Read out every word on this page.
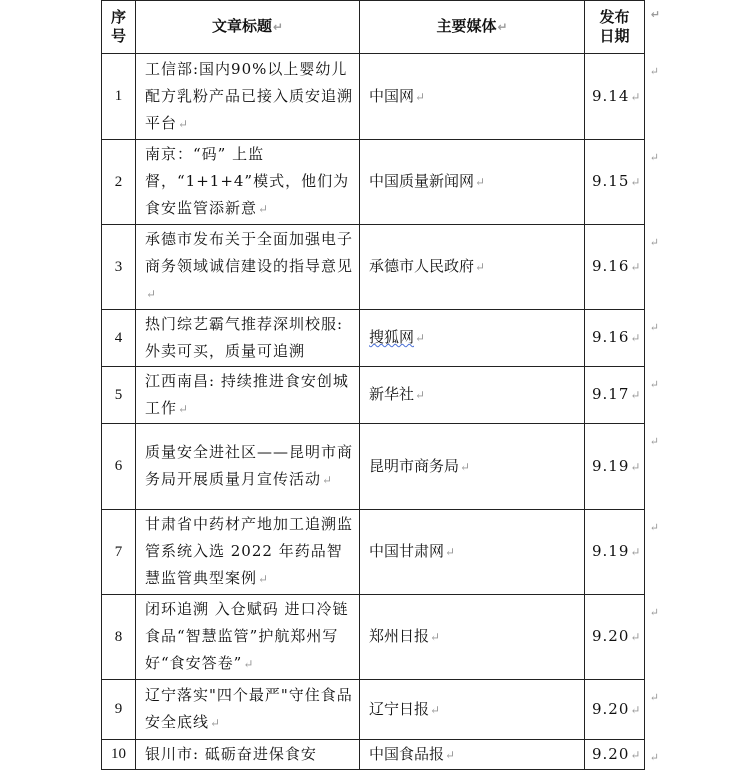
序号	文章标题↵	主要媒体↵	发布日期
↵

1	工信部:国内90%以上婴幼儿配方乳粉产品已接入质安追溯平台↵	中国网↵	9.14↵
↵

2	南京：“码” 上监督，“1+1+4”模式，他们为食安监管添新意↵	中国质量新闻网↵	9.15↵
↵

3	承德市发布关于全面加强电子商务领域诚信建设的指导意见↵	承德市人民政府↵	9.16↵
↵

4	热门综艺霸气推荐深圳校服: 外卖可买，质量可追溯	搜狐网↵	9.16↵
↵

5	江西南昌: 持续推进食安创城工作↵	新华社↵	9.17↵
↵

6	质量安全进社区——昆明市商务局开展质量月宣传活动↵	昆明市商务局↵	9.19↵
↵

7	甘肃省中药材产地加工追溯监管系统入选 2022 年药品智慧监管典型案例↵	中国甘肃网↵	9.19↵
↵

8	闭环追溯 入仓赋码 进口冷链食品“智慧监管”护航郑州写好“食安答卷”↵	郑州日报↵	9.20↵
↵

9	辽宁落实"四个最严"守住食品安全底线↵	辽宁日报↵	9.20↵
↵

10	银川市: 砥砺奋进保食安	中国食品报↵	9.20↵ ↵
